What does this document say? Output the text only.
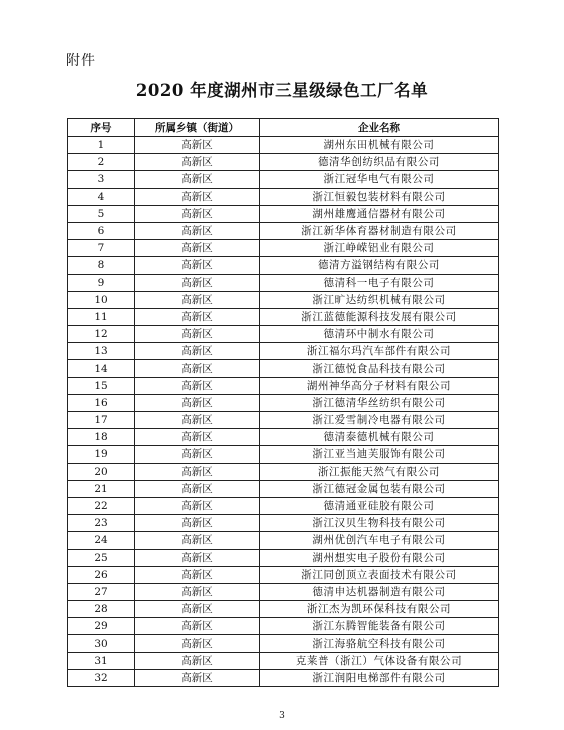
附件
2020 年度湖州市三星级绿色工厂名单
序号	所属乡镇（街道）	企业名称
1	高新区	湖州东田机械有限公司
2	高新区	德清华创纺织品有限公司
3	高新区	浙江冠华电气有限公司
4	高新区	浙江恒毅包装材料有限公司
5	高新区	湖州雄鹰通信器材有限公司
6	高新区	浙江新华体育器材制造有限公司
7	高新区	浙江峥嵘铝业有限公司
8	高新区	德清方溢钢结构有限公司
9	高新区	德清科一电子有限公司
10	高新区	浙江旷达纺织机械有限公司
11	高新区	浙江蓝德能源科技发展有限公司
12	高新区	德清环中制水有限公司
13	高新区	浙江福尔玛汽车部件有限公司
14	高新区	浙江德悦食品科技有限公司
15	高新区	湖州神华高分子材料有限公司
16	高新区	浙江德清华丝纺织有限公司
17	高新区	浙江爱雪制冷电器有限公司
18	高新区	德清泰德机械有限公司
19	高新区	浙江亚当迪芙服饰有限公司
20	高新区	浙江振能天然气有限公司
21	高新区	浙江德冠金属包装有限公司
22	高新区	德清通亚硅胶有限公司
23	高新区	浙江汉贝生物科技有限公司
24	高新区	湖州优创汽车电子有限公司
25	高新区	湖州想实电子股份有限公司
26	高新区	浙江同创顶立表面技术有限公司
27	高新区	德清申达机器制造有限公司
28	高新区	浙江杰为凯环保科技有限公司
29	高新区	浙江东腾智能装备有限公司
30	高新区	浙江海骆航空科技有限公司
31	高新区	克莱普（浙江）气体设备有限公司
32	高新区	浙江润阳电梯部件有限公司
3
